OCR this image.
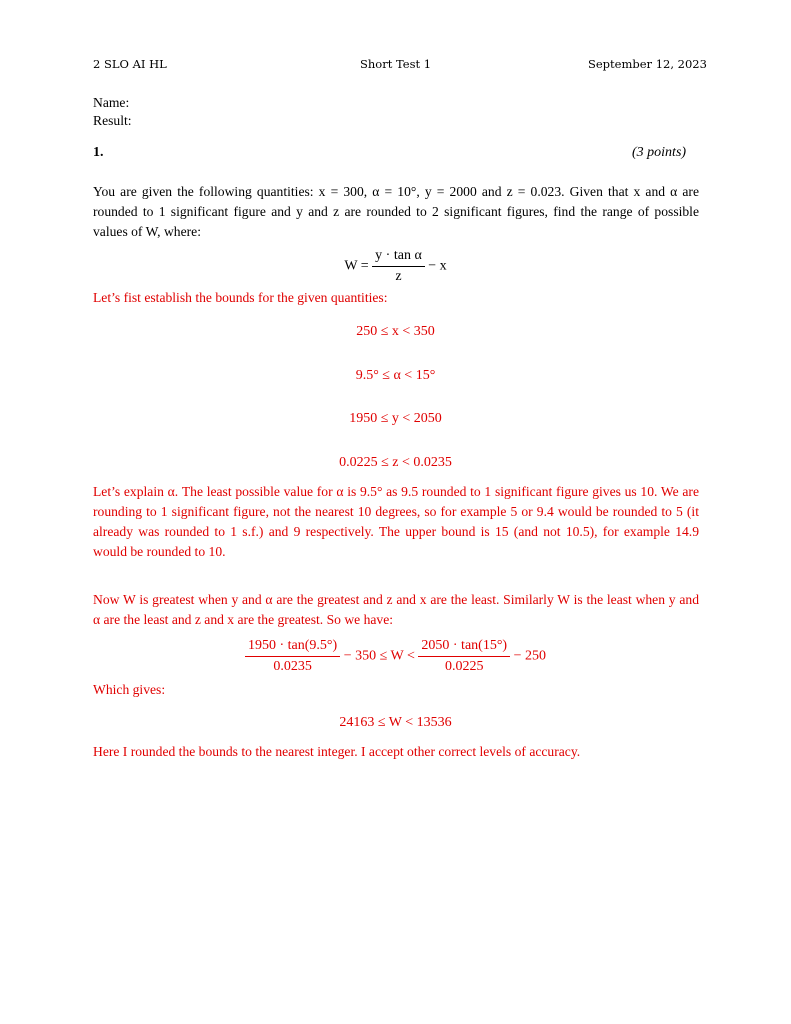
2 SLO AI HL	Short Test 1	September 12, 2023
Name:
Result:
1.	(3 points)
You are given the following quantities: x = 300, α = 10°, y = 2000 and z = 0.023. Given that x and α are rounded to 1 significant figure and y and z are rounded to 2 significant figures, find the range of possible values of W, where:
$W = \frac{\text{y · tan α}}{z} - x$
Let’s fist establish the bounds for the given quantities:
250 ≤ x < 350
9.5° ≤ α < 15°
1950 ≤ y < 2050
0.0225 ≤ z < 0.0235
Let’s explain α. The least possible value for α is 9.5° as 9.5 rounded to 1 significant figure gives us 10. We are rounding to 1 significant figure, not the nearest 10 degrees, so for example 5 or 9.4 would be rounded to 5 (it already was rounded to 1 s.f.) and 9 respectively. The upper bound is 15 (and not 10.5), for example 14.9 would be rounded to 10.
Now W is greatest when y and α are the greatest and z and x are the least. Similarly W is the least when y and α are the least and z and x are the greatest. So we have:
$\frac{1950 \cdot \tan(9.5^\circ)}{0.0235} - 350 \le W < \frac{2050 \cdot \tan(15^\circ)}{0.0225} - 250$
Which gives:
24163 ≤ W < 13536
Here I rounded the bounds to the nearest integer. I accept other correct levels of accuracy.
